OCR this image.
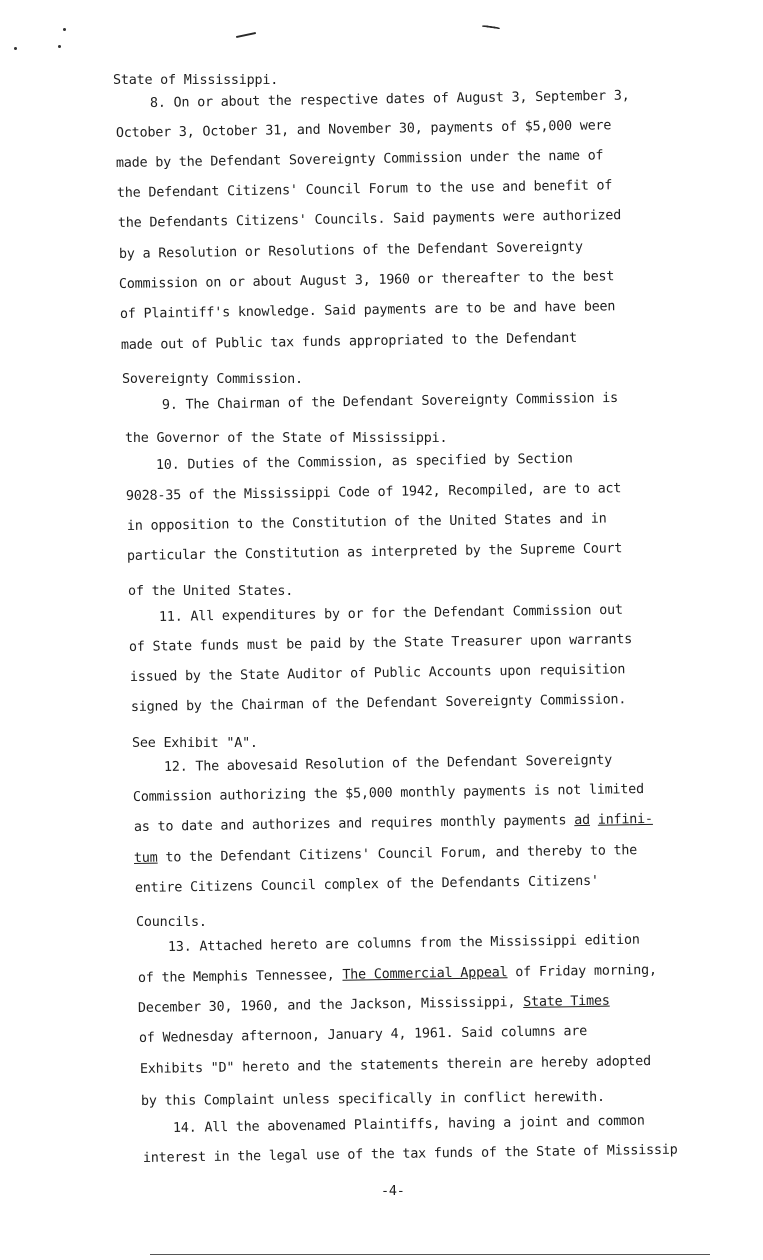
State of Mississippi.
8. On or about the respective dates of August 3, September 3,
October 3, October 31, and November 30, payments of $5,000 were
made by the Defendant Sovereignty Commission under the name of
the Defendant Citizens' Council Forum to the use and benefit of
the Defendants Citizens' Councils. Said payments were authorized
by a Resolution or Resolutions of the Defendant Sovereignty
Commission on or about August 3, 1960 or thereafter to the best
of Plaintiff's knowledge. Said payments are to be and have been
made out of Public tax funds appropriated to the Defendant
Sovereignty Commission.
9. The Chairman of the Defendant Sovereignty Commission is
the Governor of the State of Mississippi.
10. Duties of the Commission, as specified by Section
9028-35 of the Mississippi Code of 1942, Recompiled, are to act
in opposition to the Constitution of the United States and in
particular the Constitution as interpreted by the Supreme Court
of the United States.
11. All expenditures by or for the Defendant Commission out
of State funds must be paid by the State Treasurer upon warrants
issued by the State Auditor of Public Accounts upon requisition
signed by the Chairman of the Defendant Sovereignty Commission.
See Exhibit "A".
12. The abovesaid Resolution of the Defendant Sovereignty
Commission authorizing the $5,000 monthly payments is not limited
as to date and authorizes and requires monthly payments ad infini-
tum to the Defendant Citizens' Council Forum, and thereby to the
entire Citizens Council complex of the Defendants Citizens'
Councils.
13. Attached hereto are columns from the Mississippi edition
of the Memphis Tennessee, The Commercial Appeal of Friday morning,
December 30, 1960, and the Jackson, Mississippi, State Times
of Wednesday afternoon, January 4, 1961. Said columns are
Exhibits "D" hereto and the statements therein are hereby adopted
by this Complaint unless specifically in conflict herewith.
14. All the abovenamed Plaintiffs, having a joint and common
interest in the legal use of the tax funds of the State of Mississip
-4-
